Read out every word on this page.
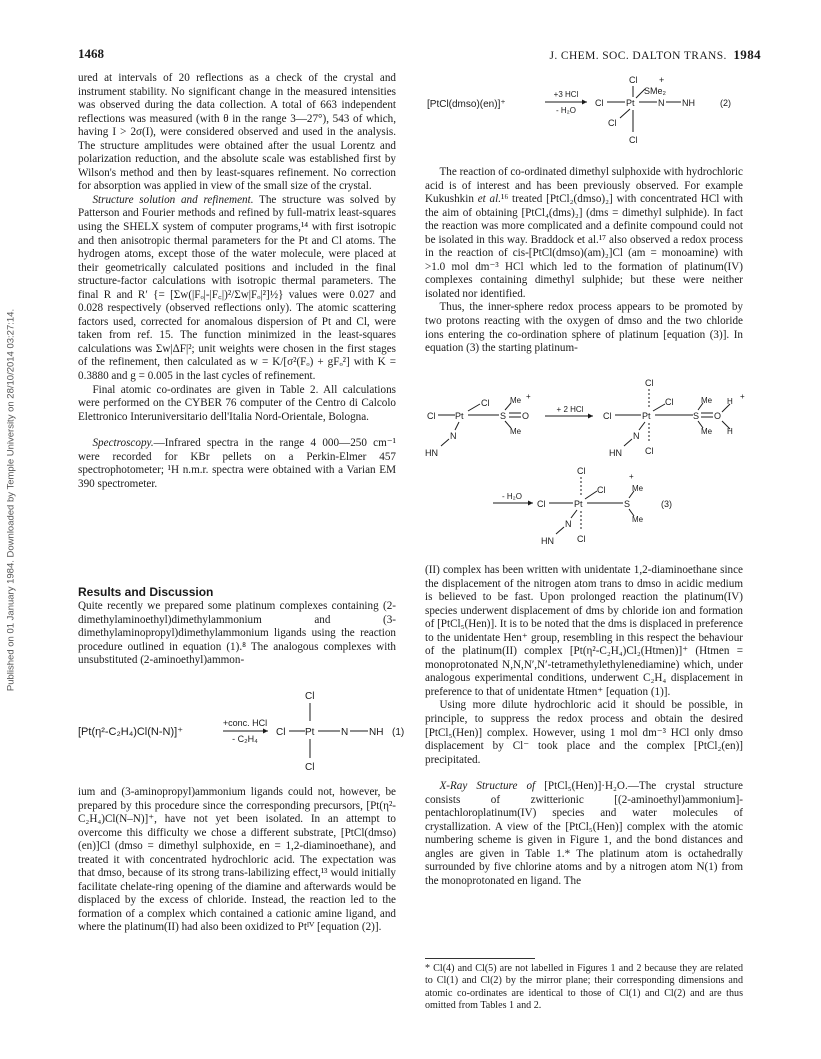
Published on 01 January 1984. Downloaded by Temple University on 28/10/2014 03:27:14.
1468	J. CHEM. SOC. DALTON TRANS. 1984

ured at intervals of 20 reflections as a check of the crystal and instrument stability. No significant change in the measured intensities was observed during the data collection. A total of 663 independent reflections was measured (with θ in the range 3—27°), 543 of which, having I > 2σ(I), were considered observed and used in the analysis. The structure amplitudes were obtained after the usual Lorentz and polarization reduction, and the absolute scale was established first by Wilson's method and then by least-squares refinement. No correction for absorption was applied in view of the small size of the crystal.

Structure solution and refinement. The structure was solved by Patterson and Fourier methods and refined by full-matrix least-squares using the SHELX system of computer programs,¹⁴ with first isotropic and then anisotropic thermal parameters for the Pt and Cl atoms. The hydrogen atoms, except those of the water molecule, were placed at their geometrically calculated positions and included in the final structure-factor calculations with isotropic thermal parameters. The final R and R′ {= [Σw(|Fₒ|-|F꜀|)²/Σw|Fₒ|²]½} values were 0.027 and 0.028 respectively (observed reflections only). The atomic scattering factors used, corrected for anomalous dispersion of Pt and Cl, were taken from ref. 15. The function minimized in the least-squares calculations was Σw|ΔF|²; unit weights were chosen in the first stages of the refinement, then calculated as w = K/[σ²(Fₒ) + gFₒ²] with K = 0.3880 and g = 0.005 in the last cycles of refinement.

Final atomic co-ordinates are given in Table 2. All calculations were performed on the CYBER 76 computer of the Centro di Calcolo Elettronico Interuniversitario dell'Italia Nord-Orientale, Bologna.

Spectroscopy.—Infrared spectra in the range 4 000—250 cm⁻¹ were recorded for KBr pellets on a Perkin-Elmer 457 spectrophotometer; ¹H n.m.r. spectra were obtained with a Varian EM 390 spectrometer.

Results and Discussion
Quite recently we prepared some platinum complexes containing (2-dimethylaminoethyl)dimethylammonium and (3-dimethylaminopropyl)dimethylammonium ligands using the reaction procedure outlined in equation (1).⁸ The analogous complexes with unsubstituted (2-aminoethyl)ammon-
[Pt(η²-C₂H₄)Cl(N-N)]⁺
+conc. HCl
- C₂H₄
Cl Pt
Cl
Cl
N NH (1)
ium and (3-aminopropyl)ammonium ligands could not, however, be prepared by this procedure since the corresponding precursors, [Pt(η²-C₂H₄)Cl(N–N)]⁺, have not yet been isolated. In an attempt to overcome this difficulty we chose a different substrate, [PtCl(dmso)(en)]Cl (dmso = dimethyl sulphoxide, en = 1,2-diaminoethane), and treated it with concentrated hydrochloric acid. The expectation was that dmso, because of its strong trans-labilizing effect,¹³ would initially facilitate chelate-ring opening of the diamine and afterwards would be displaced by the excess of chloride. Instead, the reaction led to the formation of a complex which contained a cationic amine ligand, and where the platinum(II) had also been oxidized to Ptᴵⱽ [equation (2)].
[PtCl(dmso)(en)]⁺
+3 HCl
- H₂O
Cl +
SMe₂
Cl	Pt	N NH
Cl
Cl
(2)

The reaction of co-ordinated dimethyl sulphoxide with hydrochloric acid is of interest and has been previously observed. For example Kukushkin et al.¹⁶ treated [PtCl₂(dmso)₂] with concentrated HCl with the aim of obtaining [PtCl₄(dms)₂] (dms = dimethyl sulphide). In fact the reaction was more complicated and a definite compound could not be isolated in this way. Braddock et al.¹⁷ also observed a redox process in the reaction of cis-[PtCl(dmso)(am)₂]Cl (am = monoamine) with >1.0 mol dm⁻³ HCl which led to the formation of platinum(IV) complexes containing dimethyl sulphide; but these were neither isolated nor identified.

Thus, the inner-sphere redox process appears to be promoted by two protons reacting with the oxygen of dmso and the two chloride ions entering the co-ordination sphere of platinum [equation (3)]. In equation (3) the starting platinum-

Cl Pt
Cl
S O
Me +
Me
N
HN
+ 2 HCl
Cl
+
Cl
Cl	Pt	S O
Me H
Me H
N
HN	Cl
- H₂O
Cl
+
Cl
Cl	Pt	S
Me
Me
N
HN	Cl
(3)

(II) complex has been written with unidentate 1,2-diaminoethane since the displacement of the nitrogen atom trans to dmso in acidic medium is believed to be fast. Upon prolonged reaction the platinum(IV) species underwent displacement of dms by chloride ion and formation of [PtCl₅(Hen)]. It is to be noted that the dms is displaced in preference to the unidentate Hen⁺ group, resembling in this respect the behaviour of the platinum(II) complex [Pt(η²-C₂H₄)Cl₂(Htmen)]⁺ (Htmen = monoprotonated N,N,N′,N′-tetramethylethylenediamine) which, under analogous experimental conditions, underwent C₂H₄ displacement in preference to that of unidentate Htmen⁺ [equation (1)].

Using more dilute hydrochloric acid it should be possible, in principle, to suppress the redox process and obtain the desired [PtCl₅(Hen)] complex. However, using 1 mol dm⁻³ HCl only dmso displacement by Cl⁻ took place and the complex [PtCl₂(en)] precipitated.

X-Ray Structure of [PtCl₅(Hen)]·H₂O.—The crystal structure consists of zwitterionic [(2-aminoethyl)ammonium]-pentachloroplatinum(IV) species and water molecules of crystallization. A view of the [PtCl₅(Hen)] complex with the atomic numbering scheme is given in Figure 1, and the bond distances and angles are given in Table 1.* The platinum atom is octahedrally surrounded by five chlorine atoms and by a nitrogen atom N(1) from the monoprotonated en ligand. The

* Cl(4) and Cl(5) are not labelled in Figures 1 and 2 because they are related to Cl(1) and Cl(2) by the mirror plane; their corresponding dimensions and atomic co-ordinates are identical to those of Cl(1) and Cl(2) and are thus omitted from Tables 1 and 2.
